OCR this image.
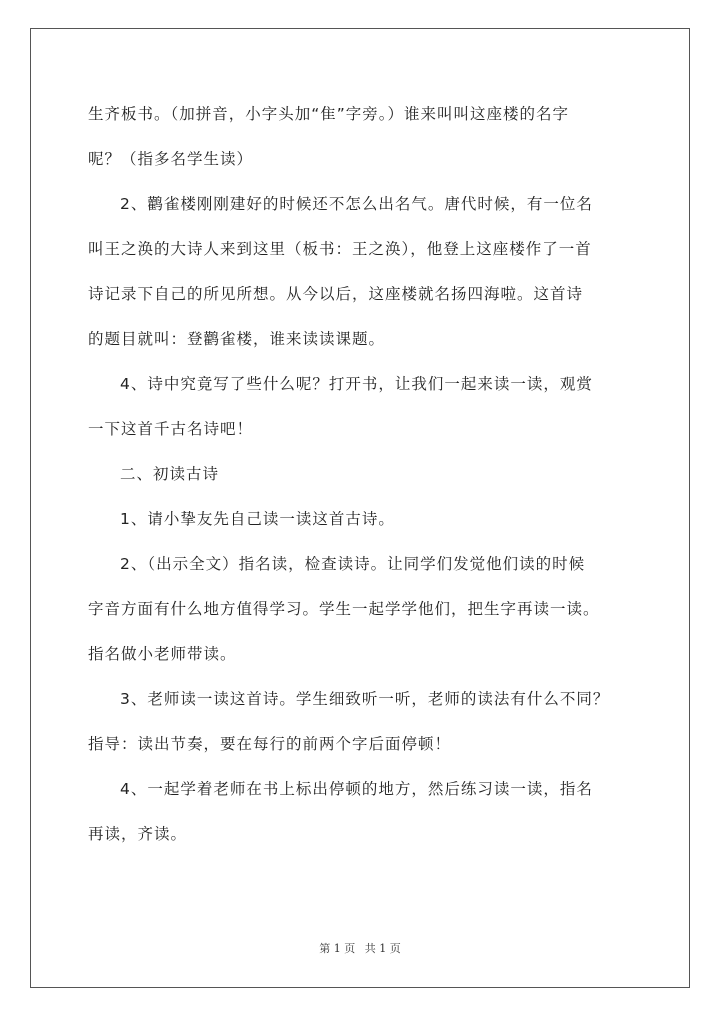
生齐板书。（加拼音，小字头加“隹”字旁。）谁来叫叫这座楼的名字
呢？（指多名学生读）
2、鹳雀楼刚刚建好的时候还不怎么出名气。唐代时候，有一位名
叫王之涣的大诗人来到这里（板书：王之涣），他登上这座楼作了一首
诗记录下自己的所见所想。从今以后，这座楼就名扬四海啦。这首诗
的题目就叫：登鹳雀楼，谁来读读课题。
4、诗中究竟写了些什么呢？打开书，让我们一起来读一读，观赏
一下这首千古名诗吧！
二、初读古诗
1、请小挚友先自己读一读这首古诗。
2、（出示全文）指名读，检查读诗。让同学们发觉他们读的时候
字音方面有什么地方值得学习。学生一起学学他们，把生字再读一读。
指名做小老师带读。
3、老师读一读这首诗。学生细致听一听，老师的读法有什么不同？
指导：读出节奏，要在每行的前两个字后面停顿！
4、一起学着老师在书上标出停顿的地方，然后练习读一读，指名
再读，齐读。
第 1 页 共 1 页
